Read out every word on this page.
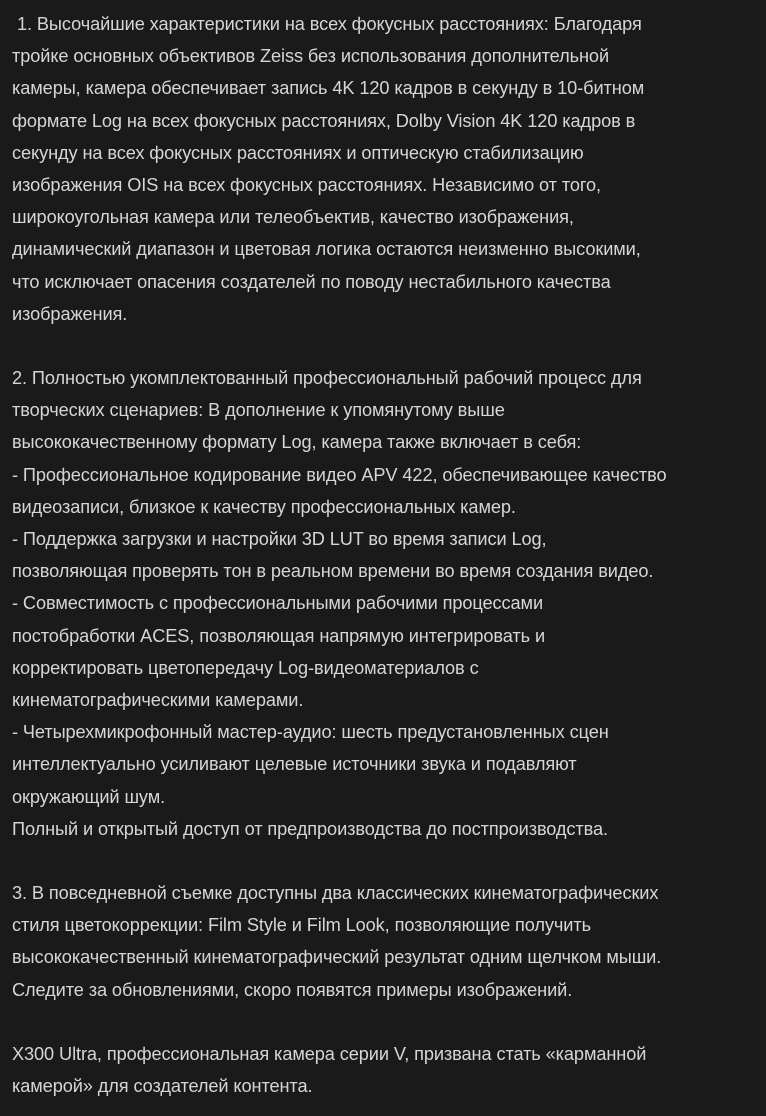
1. Высочайшие характеристики на всех фокусных расстояниях: Благодаря
тройке основных объективов Zeiss без использования дополнительной
камеры, камера обеспечивает запись 4K 120 кадров в секунду в 10-битном
формате Log на всех фокусных расстояниях, Dolby Vision 4K 120 кадров в
секунду на всех фокусных расстояниях и оптическую стабилизацию
изображения OIS на всех фокусных расстояниях. Независимо от того,
широкоугольная камера или телеобъектив, качество изображения,
динамический диапазон и цветовая логика остаются неизменно высокими,
что исключает опасения создателей по поводу нестабильного качества
изображения.
2. Полностью укомплектованный профессиональный рабочий процесс для
творческих сценариев: В дополнение к упомянутому выше
высококачественному формату Log, камера также включает в себя:
- Профессиональное кодирование видео APV 422, обеспечивающее качество
видеозаписи, близкое к качеству профессиональных камер.
- Поддержка загрузки и настройки 3D LUT во время записи Log,
позволяющая проверять тон в реальном времени во время создания видео.
- Совместимость с профессиональными рабочими процессами
постобработки ACES, позволяющая напрямую интегрировать и
корректировать цветопередачу Log-видеоматериалов с
кинематографическими камерами.
- Четырехмикрофонный мастер-аудио: шесть предустановленных сцен
интеллектуально усиливают целевые источники звука и подавляют
окружающий шум.
Полный и открытый доступ от предпроизводства до постпроизводства.
3. В повседневной съемке доступны два классических кинематографических
стиля цветокоррекции: Film Style и Film Look, позволяющие получить
высококачественный кинематографический результат одним щелчком мыши.
Следите за обновлениями, скоро появятся примеры изображений.
X300 Ultra, профессиональная камера серии V, призвана стать «карманной
камерой» для создателей контента.
